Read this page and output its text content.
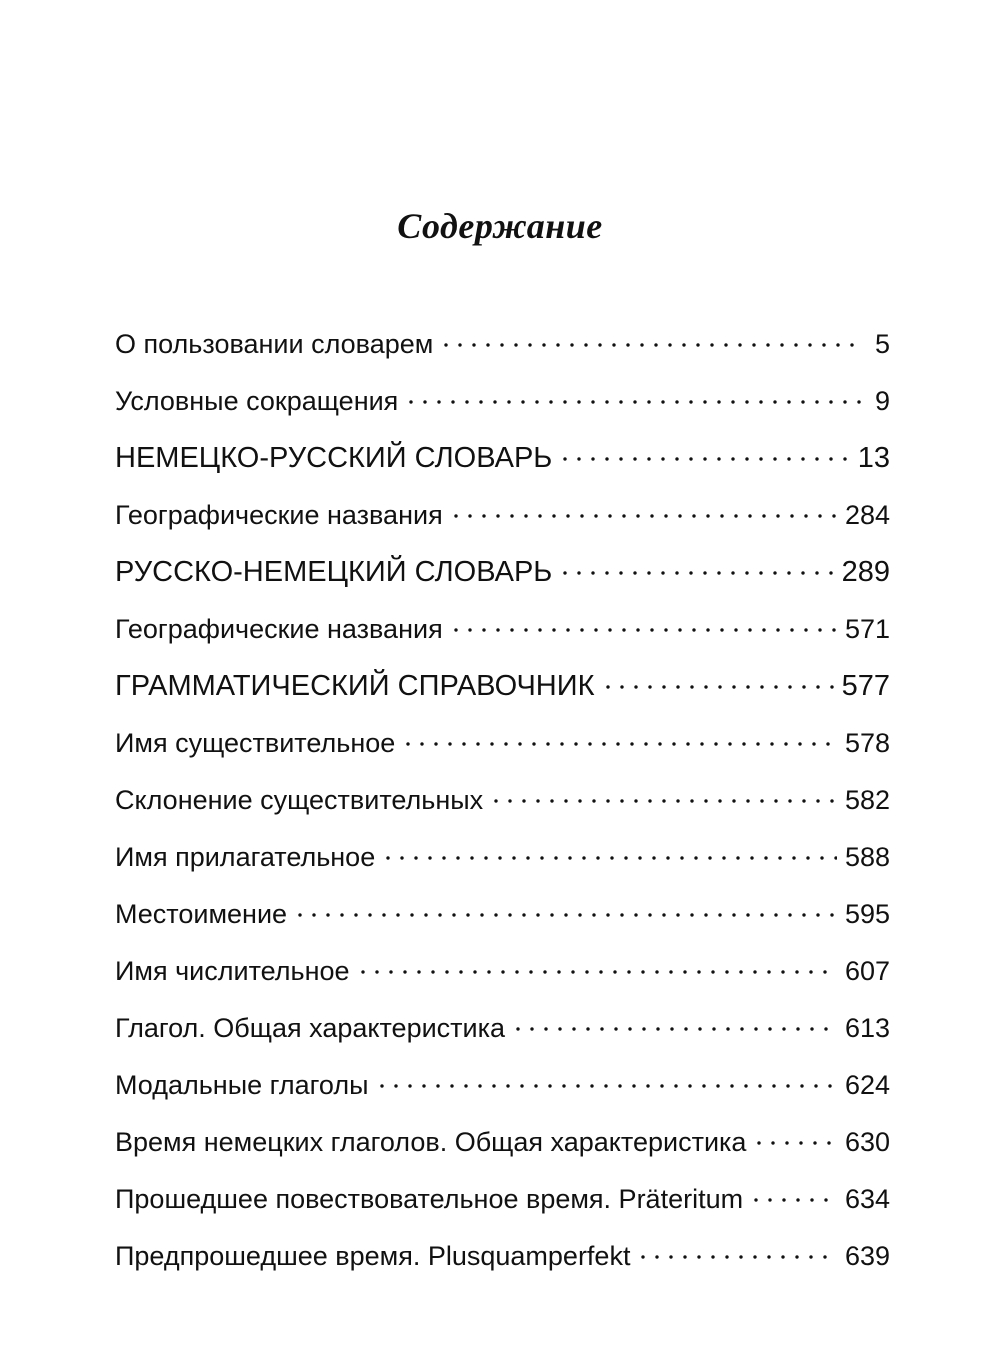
Содержание
О пользовании словарем	5
Условные сокращения	9
НЕМЕЦКО-РУССКИЙ СЛОВАРЬ	13
Географические названия	284
РУССКО-НЕМЕЦКИЙ СЛОВАРЬ	289
Географические названия	571
ГРАММАТИЧЕСКИЙ СПРАВОЧНИК	577
Имя существительное	578
Склонение существительных	582
Имя прилагательное	588
Местоимение	595
Имя числительное	607
Глагол. Общая характеристика	613
Модальные глаголы	624
Время немецких глаголов. Общая характеристика	630
Прошедшее повествовательное время. Präteritum	634
Предпрошедшее время. Plusquamperfekt	639
